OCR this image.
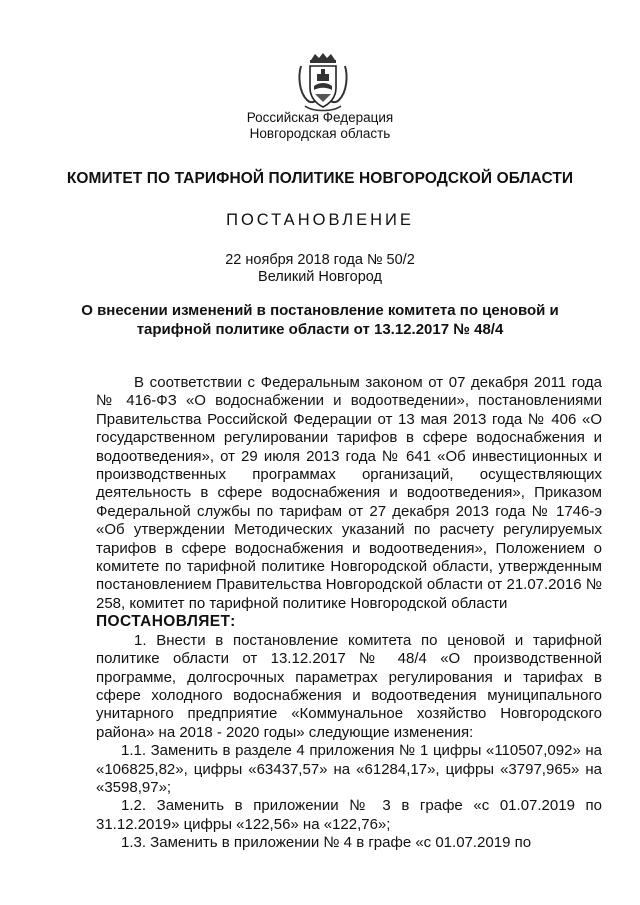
Российская Федерация
Новгородская область
КОМИТЕТ ПО ТАРИФНОЙ ПОЛИТИКЕ НОВГОРОДСКОЙ ОБЛАСТИ
ПОСТАНОВЛЕНИЕ
22 ноября 2018 года № 50/2
Великий Новгород
О внесении изменений в постановление комитета по ценовой и тарифной политике области от 13.12.2017 № 48/4

В соответствии с Федеральным законом от 07 декабря 2011 года № 416-ФЗ «О водоснабжении и водоотведении», постановлениями Правительства Российской Федерации от 13 мая 2013 года № 406 «О государственном регулировании тарифов в сфере водоснабжения и водоотведения», от 29 июля 2013 года № 641 «Об инвестиционных и производственных программах организаций, осуществляющих деятельность в сфере водоснабжения и водоотведения», Приказом Федеральной службы по тарифам от 27 декабря 2013 года № 1746-э «Об утверждении Методических указаний по расчету регулируемых тарифов в сфере водоснабжения и водоотведения», Положением о комитете по тарифной политике Новгородской области, утвержденным постановлением Правительства Новгородской области от 21.07.2016 № 258, комитет по тарифной политике Новгородской области

ПОСТАНОВЛЯЕТ:

1. Внести в постановление комитета по ценовой и тарифной политике области от 13.12.2017 № 48/4 «О производственной программе, долгосрочных параметрах регулирования и тарифах в сфере холодного водоснабжения и водоотведения муниципального унитарного предприятие «Коммунальное хозяйство Новгородского района» на 2018 - 2020 годы» следующие изменения:

1.1. Заменить в разделе 4 приложения № 1 цифры «110507,092» на «106825,82», цифры «63437,57» на «61284,17», цифры «3797,965» на «3598,97»;

1.2. Заменить в приложении № 3 в графе «с 01.07.2019 по 31.12.2019» цифры «122,56» на «122,76»;

1.3. Заменить в приложении № 4 в графе «с 01.07.2019 по
